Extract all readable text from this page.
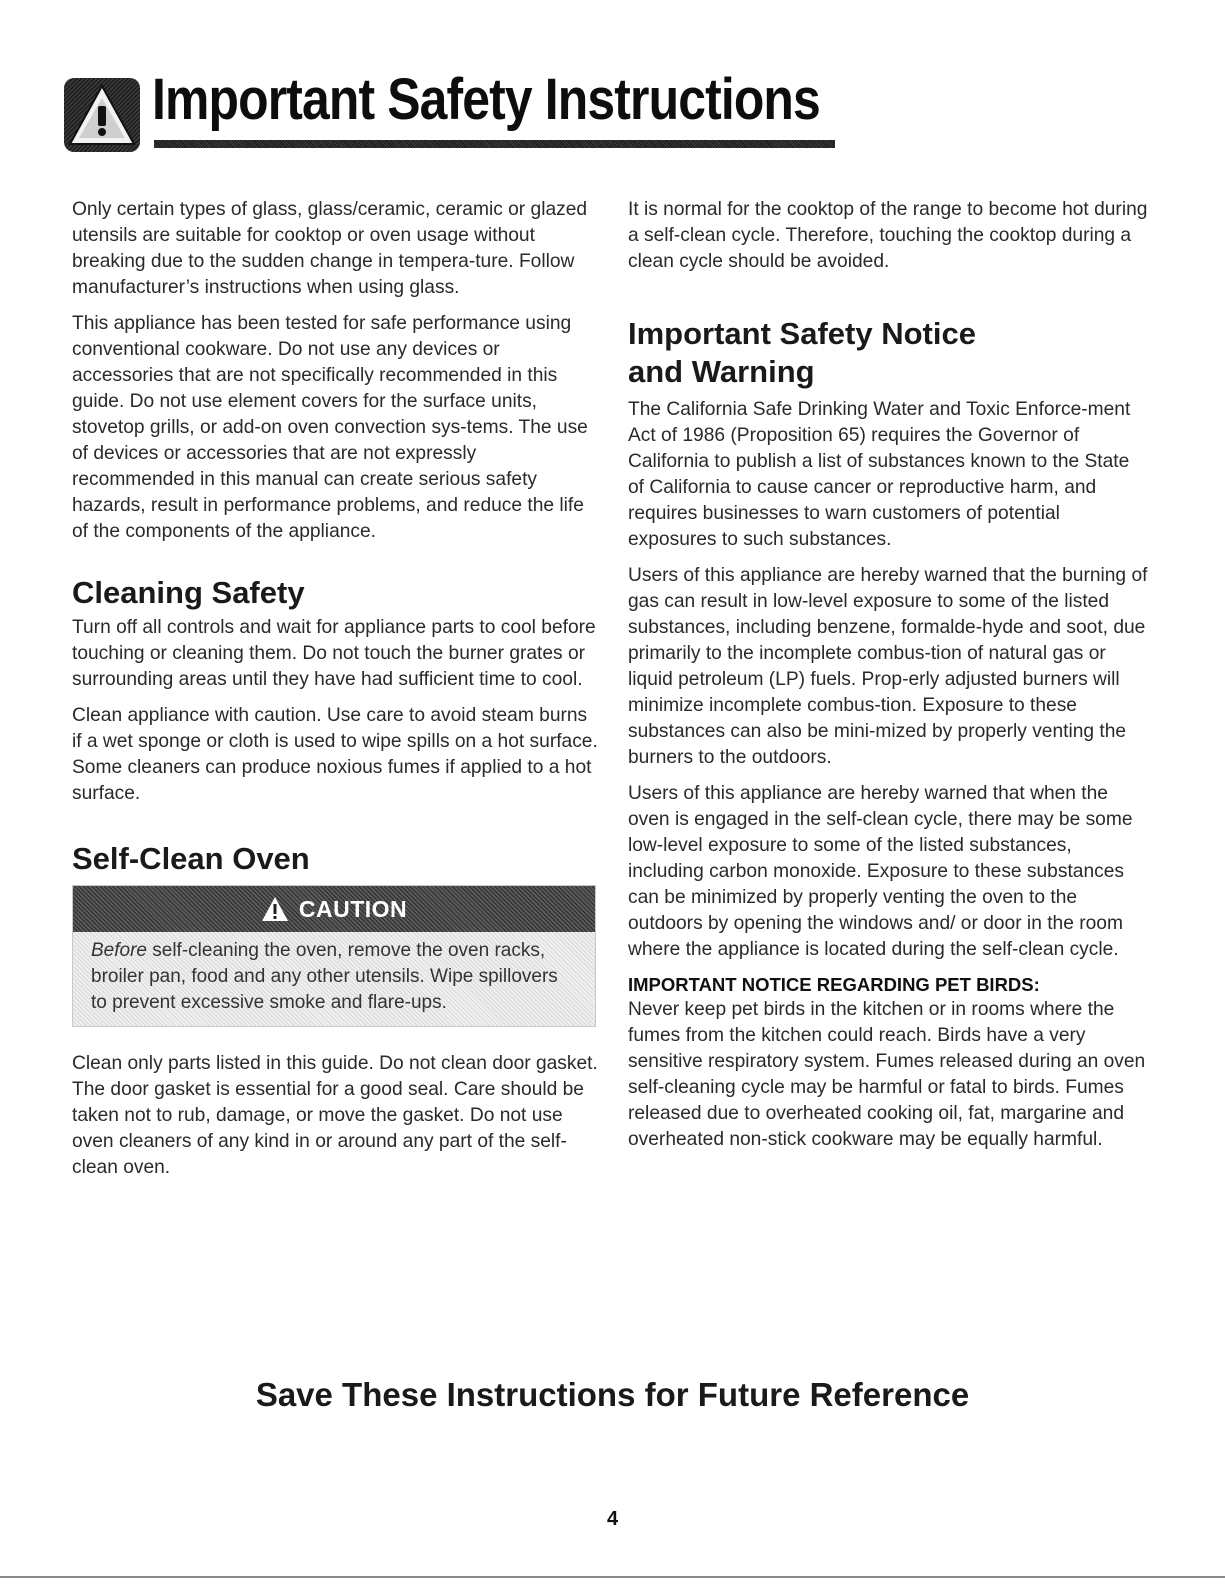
Important Safety Instructions

Only certain types of glass, glass/ceramic, ceramic or glazed utensils are suitable for cooktop or oven usage without breaking due to the sudden change in tempera-ture. Follow manufacturer’s instructions when using glass.

This appliance has been tested for safe performance using conventional cookware. Do not use any devices or accessories that are not specifically recommended in this guide. Do not use element covers for the surface units, stovetop grills, or add-on oven convection sys-tems. The use of devices or accessories that are not expressly recommended in this manual can create serious safety hazards, result in performance problems, and reduce the life of the components of the appliance.

Cleaning Safety

Turn off all controls and wait for appliance parts to cool before touching or cleaning them. Do not touch the burner grates or surrounding areas until they have had sufficient time to cool.

Clean appliance with caution. Use care to avoid steam burns if a wet sponge or cloth is used to wipe spills on a hot surface. Some cleaners can produce noxious fumes if applied to a hot surface.

Self-Clean Oven
CAUTION
Before self-cleaning the oven, remove the oven racks, broiler pan, food and any other utensils. Wipe spillovers to prevent excessive smoke and flare-ups.

Clean only parts listed in this guide. Do not clean door gasket. The door gasket is essential for a good seal. Care should be taken not to rub, damage, or move the gasket. Do not use oven cleaners of any kind in or around any part of the self-clean oven.

It is normal for the cooktop of the range to become hot during a self-clean cycle. Therefore, touching the cooktop during a clean cycle should be avoided.

Important Safety Notice
and Warning

The California Safe Drinking Water and Toxic Enforce-ment Act of 1986 (Proposition 65) requires the Governor of California to publish a list of substances known to the State of California to cause cancer or reproductive harm, and requires businesses to warn customers of potential exposures to such substances.

Users of this appliance are hereby warned that the burning of gas can result in low-level exposure to some of the listed substances, including benzene, formalde-hyde and soot, due primarily to the incomplete combus-tion of natural gas or liquid petroleum (LP) fuels. Prop-erly adjusted burners will minimize incomplete combus-tion. Exposure to these substances can also be mini-mized by properly venting the burners to the outdoors.

Users of this appliance are hereby warned that when the oven is engaged in the self-clean cycle, there may be some low-level exposure to some of the listed substances, including carbon monoxide. Exposure to these substances can be minimized by properly venting the oven to the outdoors by opening the windows and/ or door in the room where the appliance is located during the self-clean cycle.

IMPORTANT NOTICE REGARDING PET BIRDS:

Never keep pet birds in the kitchen or in rooms where the fumes from the kitchen could reach. Birds have a very sensitive respiratory system. Fumes released during an oven self-cleaning cycle may be harmful or fatal to birds. Fumes released due to overheated cooking oil, fat, margarine and overheated non-stick cookware may be equally harmful.

Save These Instructions for Future Reference
4
